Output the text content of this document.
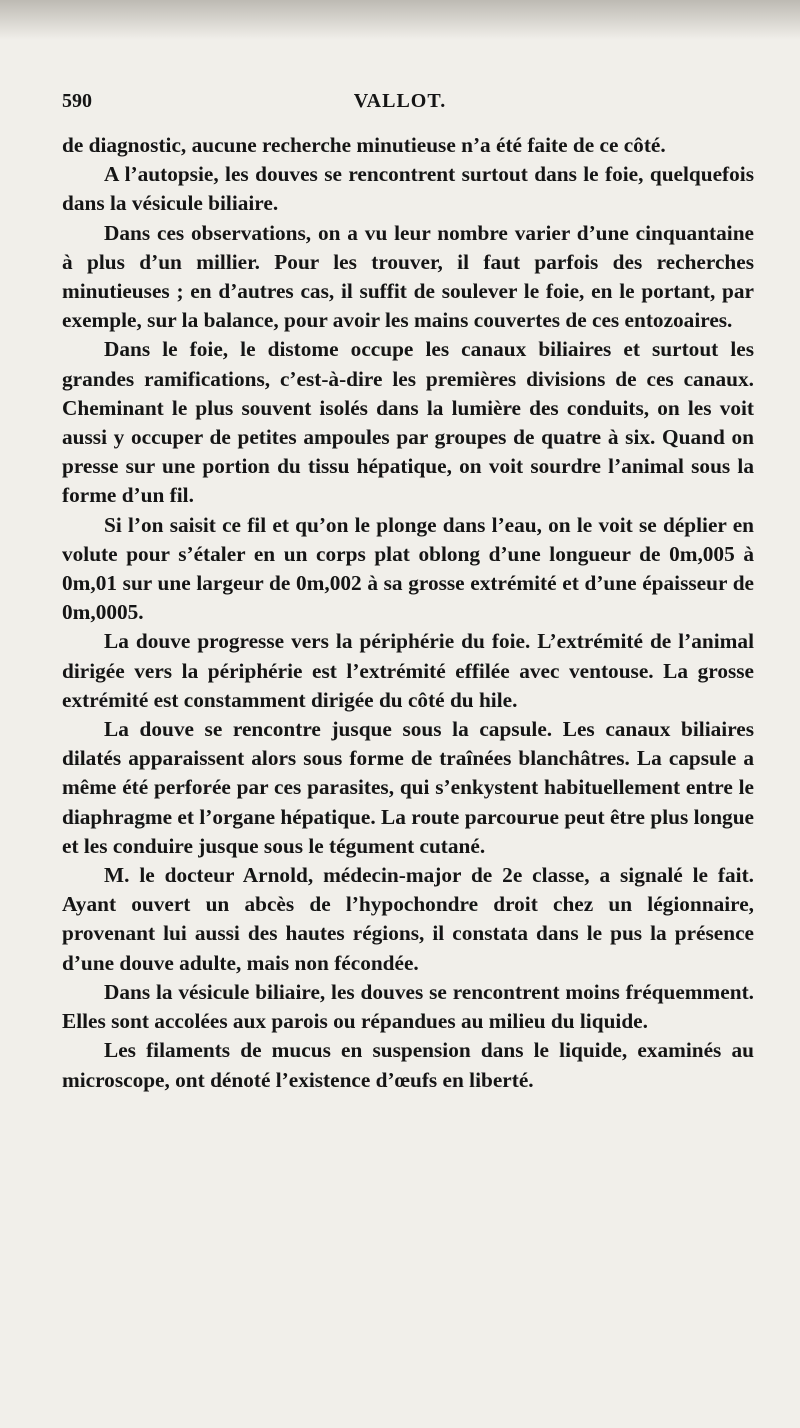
590	VALLOT.

de diagnostic, aucune recherche minutieuse n’a été faite de ce côté.

A l’autopsie, les douves se rencontrent surtout dans le foie, quelquefois dans la vésicule biliaire.

Dans ces observations, on a vu leur nombre varier d’une cinquantaine à plus d’un millier. Pour les trouver, il faut parfois des recherches minutieuses ; en d’autres cas, il suffit de soulever le foie, en le portant, par exemple, sur la balance, pour avoir les mains couvertes de ces entozoaires.

Dans le foie, le distome occupe les canaux biliaires et surtout les grandes ramifications, c’est-à-dire les premières divisions de ces canaux. Cheminant le plus souvent isolés dans la lumière des conduits, on les voit aussi y occuper de petites ampoules par groupes de quatre à six. Quand on presse sur une portion du tissu hépatique, on voit sourdre l’animal sous la forme d’un fil.

Si l’on saisit ce fil et qu’on le plonge dans l’eau, on le voit se déplier en volute pour s’étaler en un corps plat oblong d’une longueur de 0m,005 à 0m,01 sur une largeur de 0m,002 à sa grosse extrémité et d’une épaisseur de 0m,0005.

La douve progresse vers la périphérie du foie. L’extrémité de l’animal dirigée vers la périphérie est l’extrémité effilée avec ventouse. La grosse extrémité est constamment dirigée du côté du hile.

La douve se rencontre jusque sous la capsule. Les canaux biliaires dilatés apparaissent alors sous forme de traînées blanchâtres. La capsule a même été perforée par ces parasites, qui s’enkystent habituellement entre le diaphragme et l’organe hépatique. La route parcourue peut être plus longue et les conduire jusque sous le tégument cutané.

M. le docteur Arnold, médecin-major de 2e classe, a signalé le fait. Ayant ouvert un abcès de l’hypochondre droit chez un légionnaire, provenant lui aussi des hautes régions, il constata dans le pus la présence d’une douve adulte, mais non fécondée.

Dans la vésicule biliaire, les douves se rencontrent moins fréquemment. Elles sont accolées aux parois ou répandues au milieu du liquide.

Les filaments de mucus en suspension dans le liquide, examinés au microscope, ont dénoté l’existence d’œufs en liberté.
